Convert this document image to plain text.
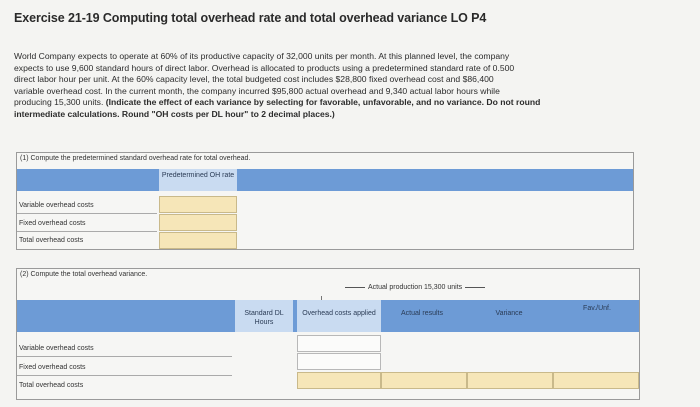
Exercise 21-19 Computing total overhead rate and total overhead variance LO P4
World Company expects to operate at 60% of its productive capacity of 32,000 units per month. At this planned level, the company
expects to use 9,600 standard hours of direct labor. Overhead is allocated to products using a predetermined standard rate of 0.500
direct labor hour per unit. At the 60% capacity level, the total budgeted cost includes $28,800 fixed overhead cost and $86,400
variable overhead cost. In the current month, the company incurred $95,800 actual overhead and 9,340 actual labor hours while
producing 15,300 units. (Indicate the effect of each variance by selecting for favorable, unfavorable, and no variance. Do not round
intermediate calculations. Round "OH costs per DL hour" to 2 decimal places.)
(1) Compute the predetermined standard overhead rate for total overhead.
Predetermined OH rate
Variable overhead costs
Fixed overhead costs
Total overhead costs
(2) Compute the total overhead variance.
Actual production 15,300 units
Standard DL Hours
Overhead costs applied	Actual results	Variance
Fav./Unf.
Variable overhead costs
Fixed overhead costs
Total overhead costs
